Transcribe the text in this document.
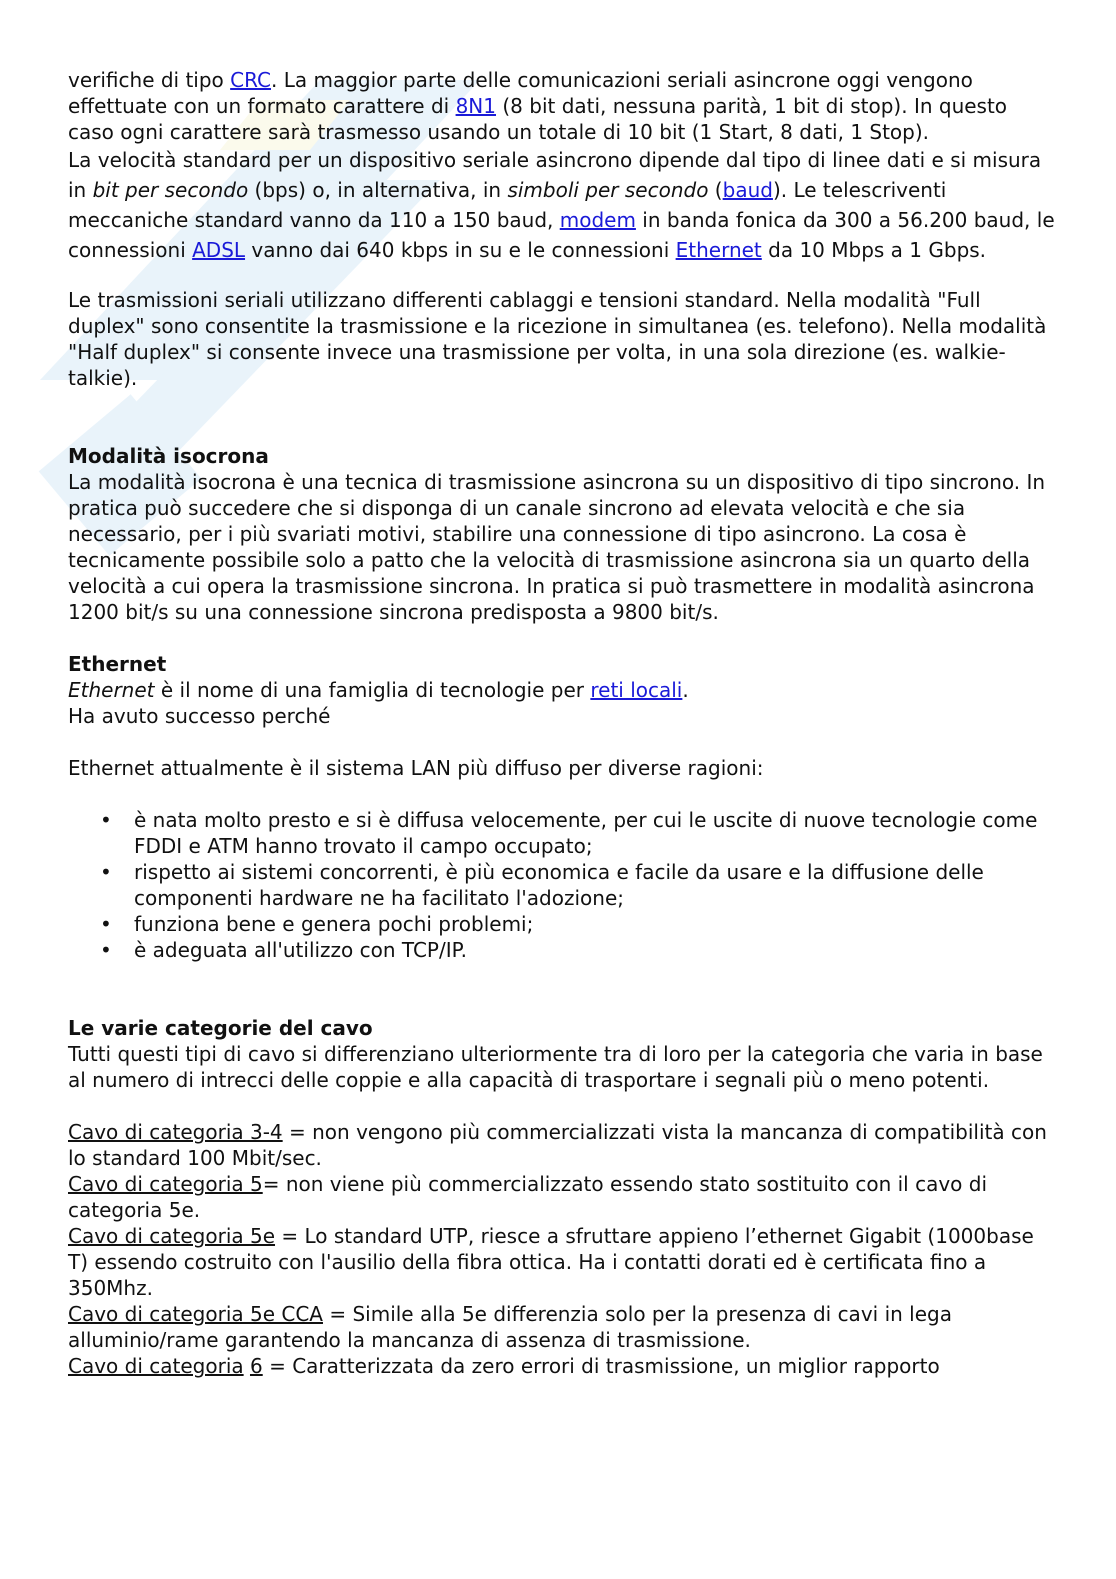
verifiche di tipo CRC. La maggior parte delle comunicazioni seriali asincrone oggi vengono effettuate con un formato carattere di 8N1 (8 bit dati, nessuna parità, 1 bit di stop). In questo caso ogni carattere sarà trasmesso usando un totale di 10 bit (1 Start, 8 dati, 1 Stop).

La velocità standard per un dispositivo seriale asincrono dipende dal tipo di linee dati e si misura in bit per secondo (bps) o, in alternativa, in simboli per secondo (baud). Le telescriventi meccaniche standard vanno da 110 a 150 baud, modem in banda fonica da 300 a 56.200 baud, le connessioni ADSL vanno dai 640 kbps in su e le connessioni Ethernet da 10 Mbps a 1 Gbps.

Le trasmissioni seriali utilizzano differenti cablaggi e tensioni standard. Nella modalità "Full duplex" sono consentite la trasmissione e la ricezione in simultanea (es. telefono). Nella modalità "Half duplex" si consente invece una trasmissione per volta, in una sola direzione (es. walkie-talkie).

Modalità isocrona

La modalità isocrona è una tecnica di trasmissione asincrona su un dispositivo di tipo sincrono. In pratica può succedere che si disponga di un canale sincrono ad elevata velocità e che sia necessario, per i più svariati motivi, stabilire una connessione di tipo asincrono. La cosa è tecnicamente possibile solo a patto che la velocità di trasmissione asincrona sia un quarto della velocità a cui opera la trasmissione sincrona. In pratica si può trasmettere in modalità asincrona 1200 bit/s su una connessione sincrona predisposta a 9800 bit/s.

Ethernet

Ethernet è il nome di una famiglia di tecnologie per reti locali.

Ha avuto successo perché

Ethernet attualmente è il sistema LAN più diffuso per diverse ragioni:

• è nata molto presto e si è diffusa velocemente, per cui le uscite di nuove tecnologie come FDDI e ATM hanno trovato il campo occupato;
• rispetto ai sistemi concorrenti, è più economica e facile da usare e la diffusione delle componenti hardware ne ha facilitato l'adozione;
• funziona bene e genera pochi problemi;
• è adeguata all'utilizzo con TCP/IP.
Le varie categorie del cavo

Tutti questi tipi di cavo si differenziano ulteriormente tra di loro per la categoria che varia in base al numero di intrecci delle coppie e alla capacità di trasportare i segnali più o meno potenti.

Cavo di categoria 3-4 = non vengono più commercializzati vista la mancanza di compatibilità con lo standard 100 Mbit/sec.

Cavo di categoria 5= non viene più commercializzato essendo stato sostituito con il cavo di categoria 5e.

Cavo di categoria 5e = Lo standard UTP, riesce a sfruttare appieno l’ethernet Gigabit (1000base T) essendo costruito con l'ausilio della fibra ottica. Ha i contatti dorati ed è certificata fino a 350Mhz.

Cavo di categoria 5e CCA = Simile alla 5e differenzia solo per la presenza di cavi in lega alluminio/rame garantendo la mancanza di assenza di trasmissione.

Cavo di categoria 6 = Caratterizzata da zero errori di trasmissione, un miglior rapporto
